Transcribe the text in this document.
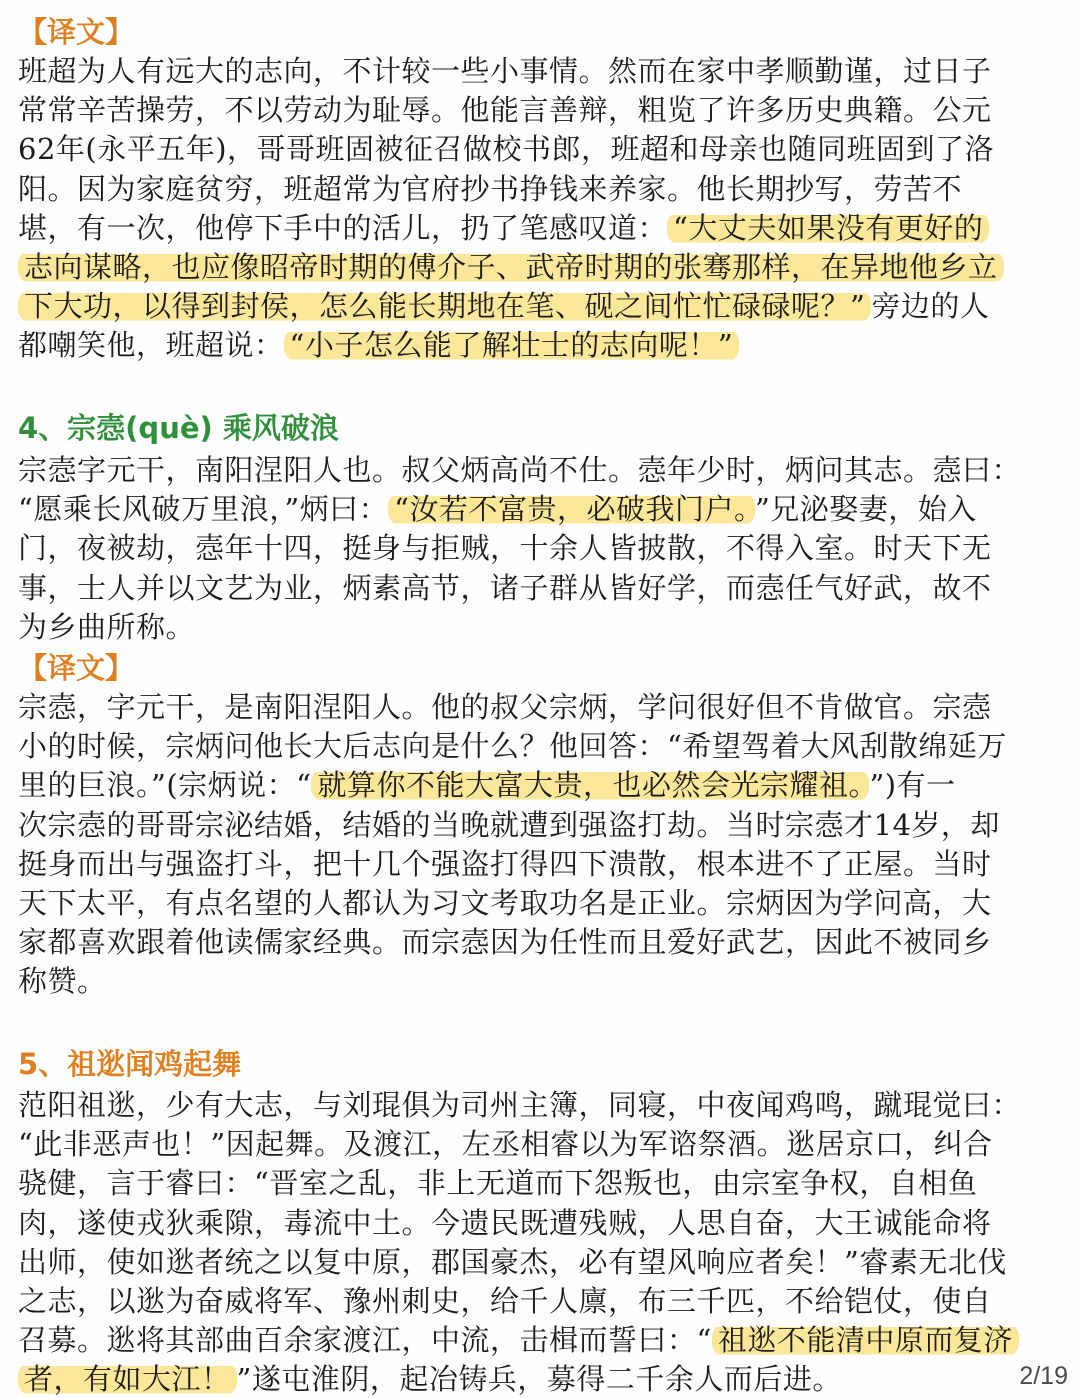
【译文】
班超为人有远大的志向，不计较一些小事情。然而在家中孝顺勤谨，过日子
常常辛苦操劳，不以劳动为耻辱。他能言善辩，粗览了许多历史典籍。公元
62年(永平五年)，哥哥班固被征召做校书郎，班超和母亲也随同班固到了洛
阳。因为家庭贫穷，班超常为官府抄书挣钱来养家。他长期抄写，劳苦不
堪，有一次，他停下手中的活儿，扔了笔感叹道： “大丈夫如果没有更好的
志向谋略，也应像昭帝时期的傅介子、武帝时期的张骞那样，在异地他乡立
下大功，以得到封侯，怎么能长期地在笔、砚之间忙忙碌碌呢？” 旁边的人
都嘲笑他，班超说： “小子怎么能了解壮士的志向呢！”
4、宗悫(què) 乘风破浪
宗悫字元干，南阳涅阳人也。叔父炳高尚不仕。悫年少时，炳问其志。悫曰：
“愿乘长风破万里浪，”炳曰： “汝若不富贵，必破我门户。 ”兄泌娶妻，始入
门，夜被劫，悫年十四，挺身与拒贼，十余人皆披散，不得入室。时天下无
事，士人并以文艺为业，炳素高节，诸子群从皆好学，而悫任气好武，故不
为乡曲所称。
【译文】
宗悫，字元干，是南阳涅阳人。他的叔父宗炳，学问很好但不肯做官。宗悫
小的时候，宗炳问他长大后志向是什么？他回答：“希望驾着大风刮散绵延万
里的巨浪。”(宗炳说：“ 就算你不能大富大贵，也必然会光宗耀祖。 ”)有一
次宗悫的哥哥宗泌结婚，结婚的当晚就遭到强盗打劫。当时宗悫才14岁，却
挺身而出与强盗打斗，把十几个强盗打得四下溃散，根本进不了正屋。当时
天下太平，有点名望的人都认为习文考取功名是正业。宗炳因为学问高，大
家都喜欢跟着他读儒家经典。而宗悫因为任性而且爱好武艺，因此不被同乡
称赞。
5、祖逖闻鸡起舞
范阳祖逖，少有大志，与刘琨俱为司州主簿，同寝，中夜闻鸡鸣，蹴琨觉曰：
“此非恶声也！”因起舞。及渡江，左丞相睿以为军谘祭酒。逖居京口，纠合
骁健，言于睿曰：“晋室之乱，非上无道而下怨叛也，由宗室争权，自相鱼
肉，遂使戎狄乘隙，毒流中土。今遗民既遭残贼，人思自奋，大王诚能命将
出师，使如逖者统之以复中原，郡国豪杰，必有望风响应者矣！”睿素无北伐
之志，以逖为奋威将军、豫州刺史，给千人廪，布三千匹，不给铠仗，使自
召募。逖将其部曲百余家渡江，中流，击楫而誓曰：“ 祖逖不能清中原而复济
者，有如大江！ ”遂屯淮阴，起冶铸兵，募得二千余人而后进。	2/19
